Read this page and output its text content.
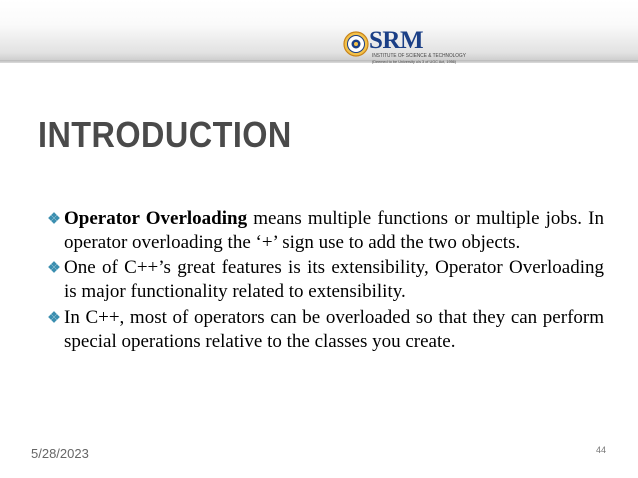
SRM
INSTITUTE OF SCIENCE & TECHNOLOGY
(Deemed to be University u/s 3 of UGC Act, 1956)
INTRODUCTION
Operator Overloading means multiple functions or multiple jobs. In operator overloading the ‘+’ sign use to add the two objects.
One of C++’s great features is its extensibility, Operator Overloading is major functionality related to extensibility.
In C++, most of operators can be overloaded so that they can perform special operations relative to the classes you create.
5/28/2023	44
